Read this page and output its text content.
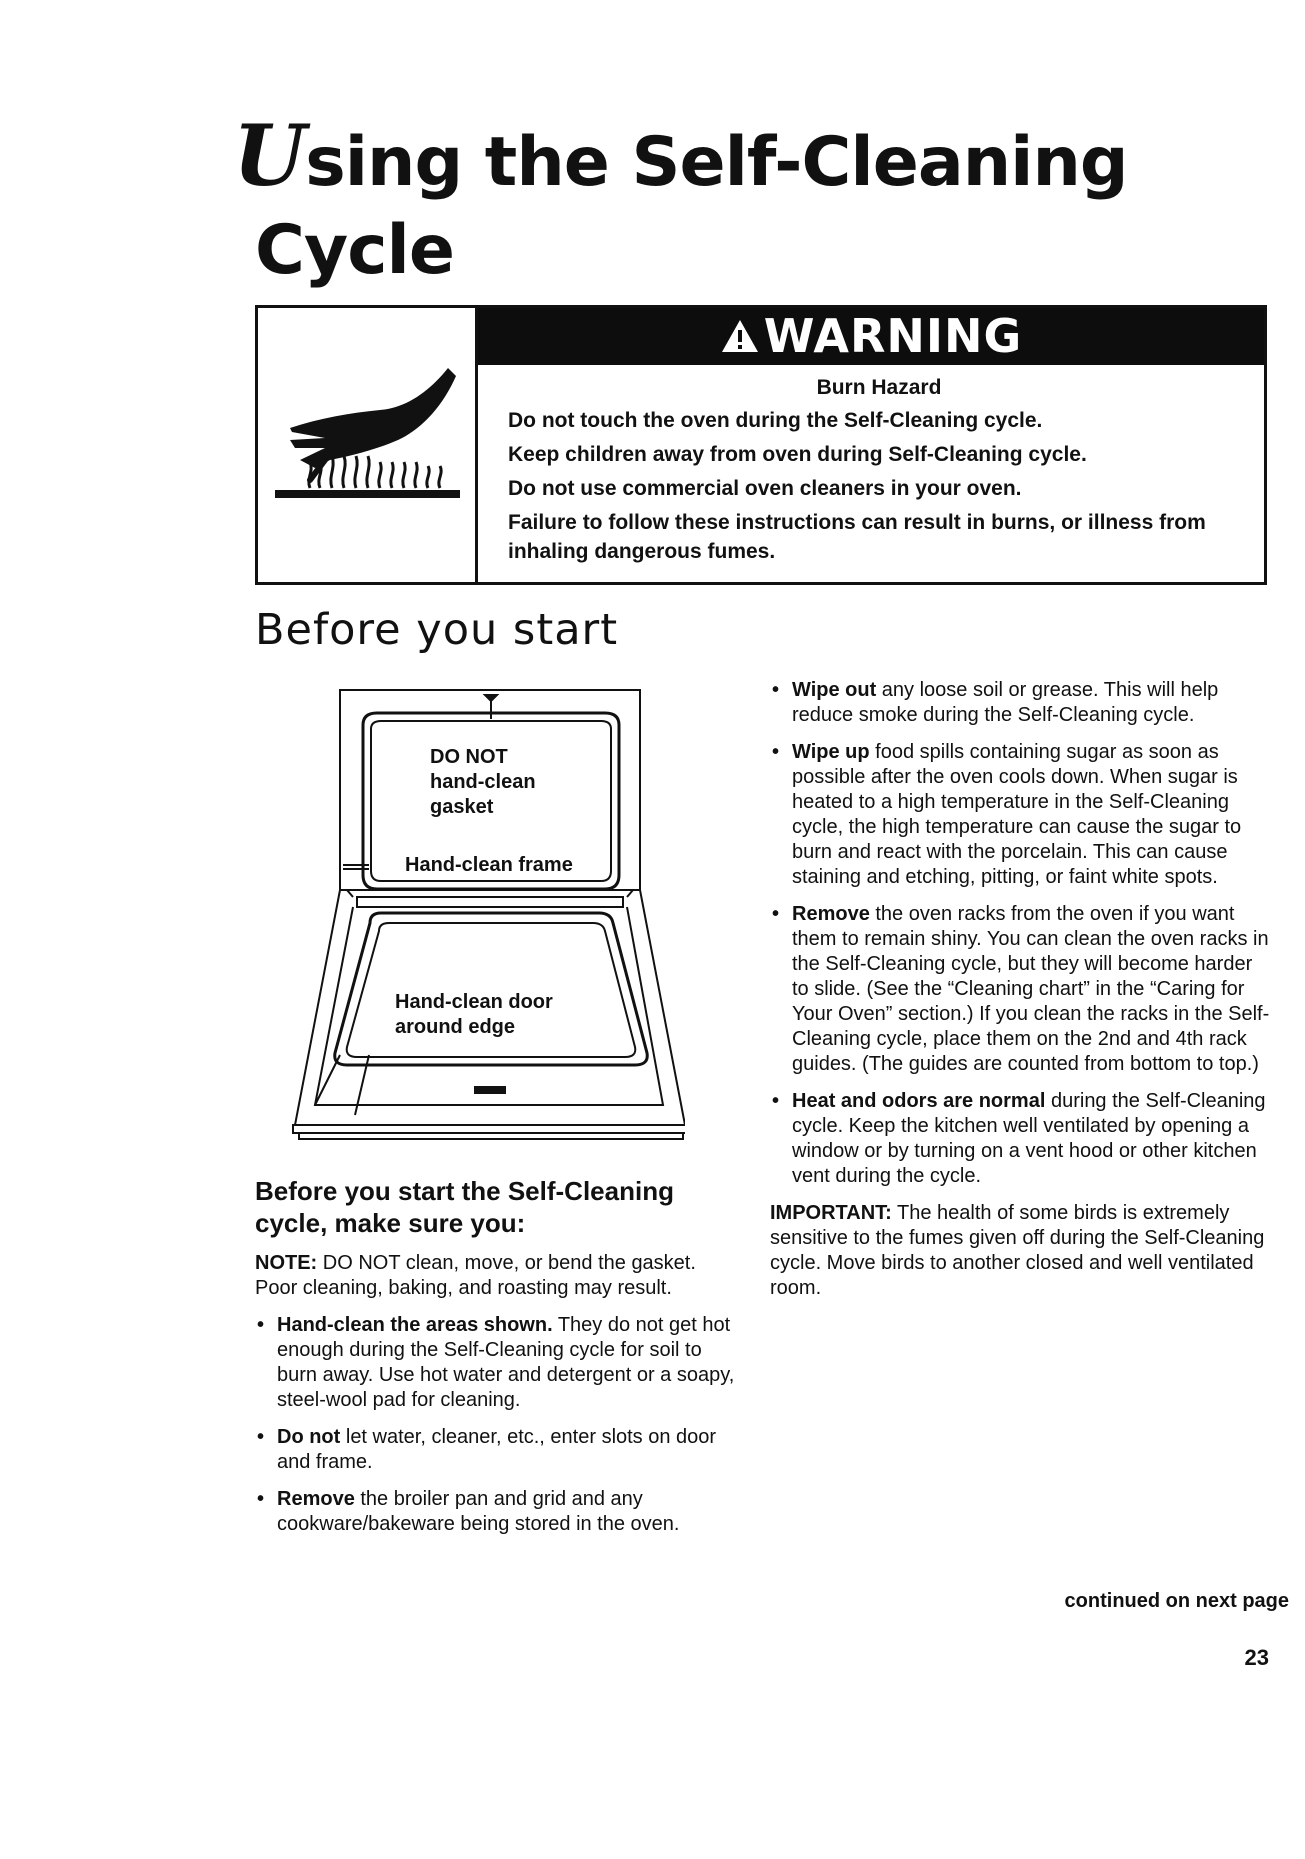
Using the Self-Cleaning
Cycle
WARNING

Burn Hazard

Do not touch the oven during the Self-Cleaning cycle.

Keep children away from oven during Self-Cleaning cycle.

Do not use commercial oven cleaners in your oven.

Failure to follow these instructions can result in burns, or illness from inhaling dangerous fumes.

Before you start
DO NOT
hand-clean
gasket
Hand-clean frame
Hand-clean door
around edge
Before you start the Self-Cleaning cycle, make sure you:

NOTE: DO NOT clean, move, or bend the gasket. Poor cleaning, baking, and roasting may result.

• Hand-clean the areas shown. They do not get hot enough during the Self-Cleaning cycle for soil to burn away. Use hot water and detergent or a soapy, steel-wool pad for cleaning.
• Do not let water, cleaner, etc., enter slots on door and frame.
• Remove the broiler pan and grid and any cookware/bakeware being stored in the oven.
• Wipe out any loose soil or grease. This will help reduce smoke during the Self-Cleaning cycle.
• Wipe up food spills containing sugar as soon as possible after the oven cools down. When sugar is heated to a high temperature in the Self-Cleaning cycle, the high temperature can cause the sugar to burn and react with the porcelain. This can cause staining and etching, pitting, or faint white spots.
• Remove the oven racks from the oven if you want them to remain shiny. You can clean the oven racks in the Self-Cleaning cycle, but they will become harder to slide. (See the “Cleaning chart” in the “Caring for Your Oven” section.) If you clean the racks in the Self-Cleaning cycle, place them on the 2nd and 4th rack guides. (The guides are counted from bottom to top.)
• Heat and odors are normal during the Self-Cleaning cycle. Keep the kitchen well ventilated by opening a window or by turning on a vent hood or other kitchen vent during the cycle.

IMPORTANT: The health of some birds is extremely sensitive to the fumes given off during the Self-Cleaning cycle. Move birds to another closed and well ventilated room.

continued on next page
23
